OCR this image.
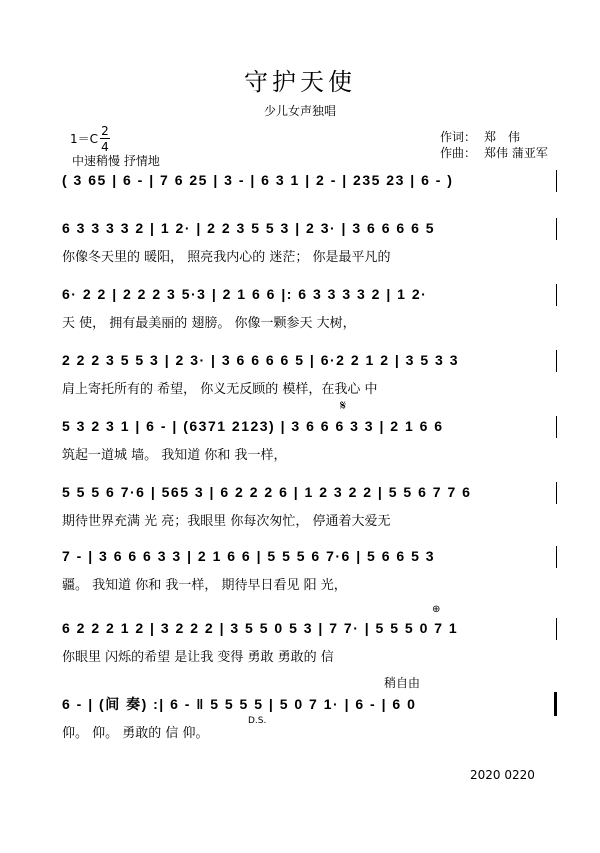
守护天使
少儿女声独唱
1＝C
2
4
中速稍慢 抒情地
作词： 郑　伟
作曲： 郑伟 蒲亚军
( 3 65 | 6 - | 7 6 25 | 3 - | 6 3 1 | 2 - | 235 23 | 6 - )
6 3 3 3 3 2 | 1 2· | 2 2 3 5 5 3 | 2 3· | 3 6 6 6 6 5
你像冬天里的 暖阳， 照亮我内心的 迷茫； 你是最平凡的
6· 2 2 | 2 2 2 3 5·3 | 2 1 6 6 |: 6 3 3 3 3 2 | 1 2·
天 使， 拥有最美丽的 翅膀。 你像一颗参天 大树，
2 2 2 3 5 5 3 | 2 3· | 3 6 6 6 6 5 | 6·2 2 1 2 | 3 5 3 3
肩上寄托所有的 希望， 你义无反顾的 模样，在我心 中
𝄋
5 3 2 3 1 | 6 - | (6371 2123) | 3 6 6 6 3 3 | 2 1 6 6
筑起一道城 墙。 我知道 你和 我一样，
5 5 5 6 7·6 | 565 3 | 6 2 2 2 6 | 1 2 3 2 2 | 5 5 6 7 7 6
期待世界充满 光 亮；我眼里 你每次匆忙， 停通着大爱无
7 - | 3 6 6 6 3 3 | 2 1 6 6 | 5 5 5 6 7·6 | 5 6 6 5 3
疆。 我知道 你和 我一样， 期待早日看见 阳 光，
⊕
6 2 2 2 1 2 | 3 2 2 2 | 3 5 5 0 5 3 | 7 7· | 5 5 5 0 7 1
你眼里 闪烁的希望 是让我 变得 勇敢 勇敢的 信
稍自由
6 - | (间 奏) :| 6 - ‖ 5 5 5 5 | 5 0 7 1· | 6 - | 6 0
D.S.
仰。 仰。 勇敢的 信 仰。
2020 0220
